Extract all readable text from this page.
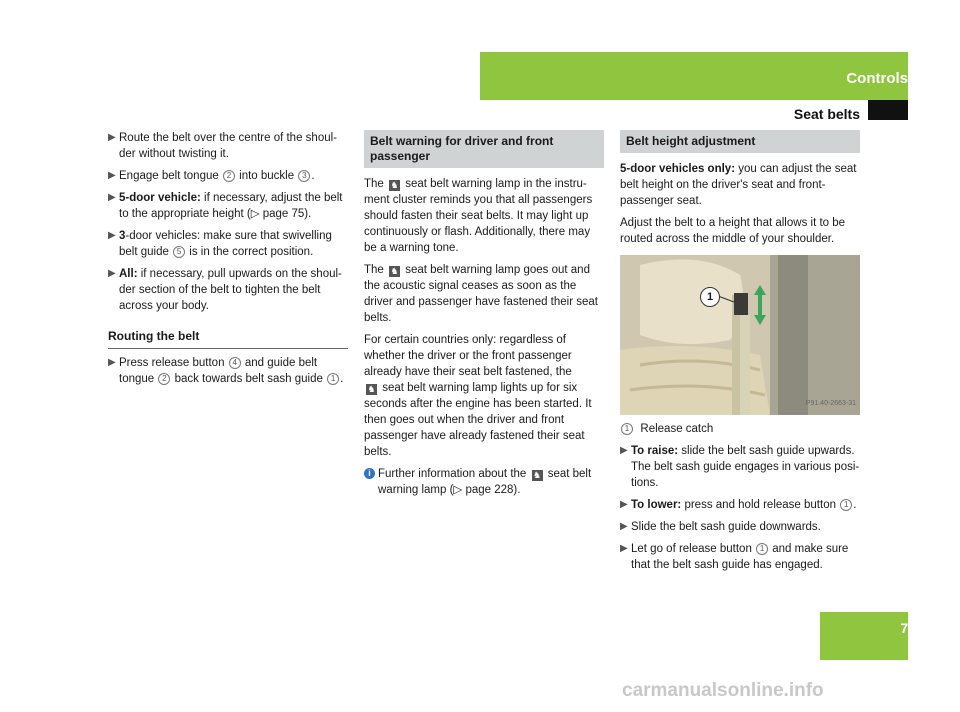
Controls
Seat belts
▶ Route the belt over the centre of the shoul-der without twisting it.
▶ Engage belt tongue 2 into buckle 3 .
▶ 5-door vehicle: if necessary, adjust the belt to the appropriate height (▷ page 75).
▶ 3-door vehicles: make sure that swivelling belt guide 5 is in the correct position.
▶ All: if necessary, pull upwards on the shoul-der section of the belt to tighten the belt across your body.
Routing the belt
▶ Press release button 4 and guide belt tongue 2 back towards belt sash guide 1 .
Belt warning for driver and front passenger

The ♞ seat belt warning lamp in the instru-ment cluster reminds you that all passengers should fasten their seat belts. It may light up continuously or flash. Additionally, there may be a warning tone.

The ♞ seat belt warning lamp goes out and the acoustic signal ceases as soon as the driver and passenger have fastened their seat belts.

For certain countries only: regardless of whether the driver or the front passenger already have their seat belt fastened, the
♞ seat belt warning lamp lights up for six seconds after the engine has been started. It then goes out when the driver and front passenger have already fastened their seat belts.

i Further information about the ♞ seat belt warning lamp (▷ page 228).

Belt height adjustment

5-door vehicles only: you can adjust the seat belt height on the driver's seat and front-passenger seat.

Adjust the belt to a height that allows it to be routed across the middle of your shoulder.

1
P91.40-2663-31

1 Release catch

▶ To raise: slide the belt sash guide upwards. The belt sash guide engages in various posi-tions.
▶ To lower: press and hold release button 1 .
▶ Slide the belt sash guide downwards.
▶ Let go of release button 1 and make sure that the belt sash guide has engaged.
75
carmanualsonline.info
